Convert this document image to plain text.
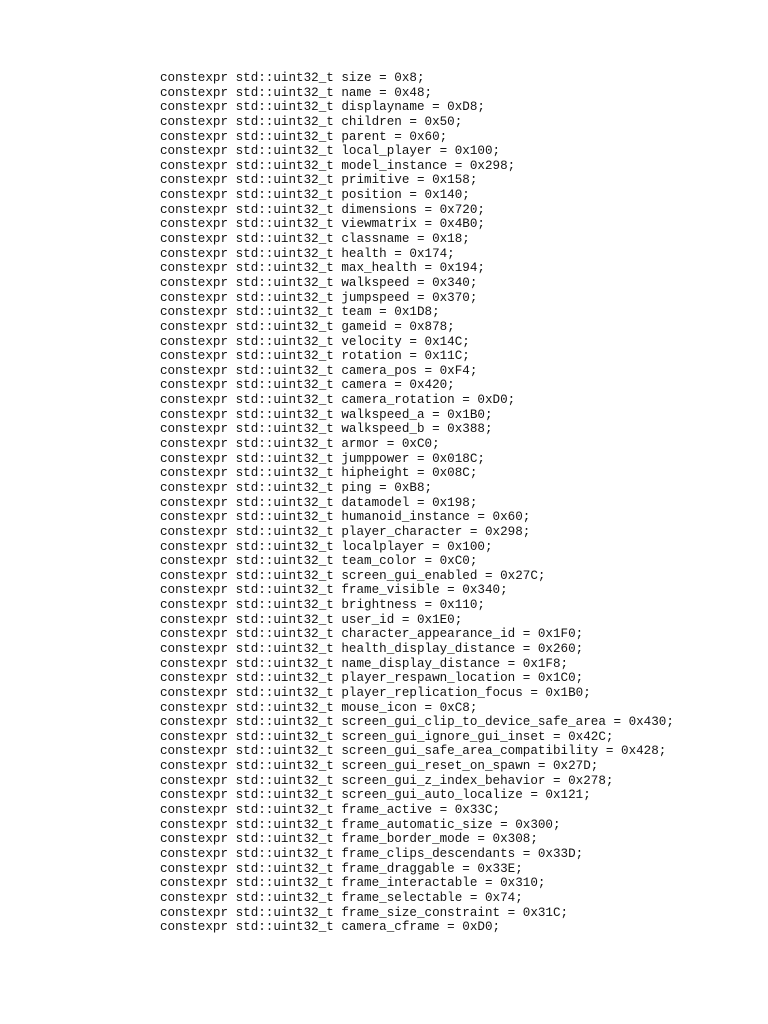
constexpr std::uint32_t size = 0x8;
constexpr std::uint32_t name = 0x48;
constexpr std::uint32_t displayname = 0xD8;
constexpr std::uint32_t children = 0x50;
constexpr std::uint32_t parent = 0x60;
constexpr std::uint32_t local_player = 0x100;
constexpr std::uint32_t model_instance = 0x298;
constexpr std::uint32_t primitive = 0x158;
constexpr std::uint32_t position = 0x140;
constexpr std::uint32_t dimensions = 0x720;
constexpr std::uint32_t viewmatrix = 0x4B0;
constexpr std::uint32_t classname = 0x18;
constexpr std::uint32_t health = 0x174;
constexpr std::uint32_t max_health = 0x194;
constexpr std::uint32_t walkspeed = 0x340;
constexpr std::uint32_t jumpspeed = 0x370;
constexpr std::uint32_t team = 0x1D8;
constexpr std::uint32_t gameid = 0x878;
constexpr std::uint32_t velocity = 0x14C;
constexpr std::uint32_t rotation = 0x11C;
constexpr std::uint32_t camera_pos = 0xF4;
constexpr std::uint32_t camera = 0x420;
constexpr std::uint32_t camera_rotation = 0xD0;
constexpr std::uint32_t walkspeed_a = 0x1B0;
constexpr std::uint32_t walkspeed_b = 0x388;
constexpr std::uint32_t armor = 0xC0;
constexpr std::uint32_t jumppower = 0x018C;
constexpr std::uint32_t hipheight = 0x08C;
constexpr std::uint32_t ping = 0xB8;
constexpr std::uint32_t datamodel = 0x198;
constexpr std::uint32_t humanoid_instance = 0x60;
constexpr std::uint32_t player_character = 0x298;
constexpr std::uint32_t localplayer = 0x100;
constexpr std::uint32_t team_color = 0xC0;
constexpr std::uint32_t screen_gui_enabled = 0x27C;
constexpr std::uint32_t frame_visible = 0x340;
constexpr std::uint32_t brightness = 0x110;
constexpr std::uint32_t user_id = 0x1E0;
constexpr std::uint32_t character_appearance_id = 0x1F0;
constexpr std::uint32_t health_display_distance = 0x260;
constexpr std::uint32_t name_display_distance = 0x1F8;
constexpr std::uint32_t player_respawn_location = 0x1C0;
constexpr std::uint32_t player_replication_focus = 0x1B0;
constexpr std::uint32_t mouse_icon = 0xC8;
constexpr std::uint32_t screen_gui_clip_to_device_safe_area = 0x430;
constexpr std::uint32_t screen_gui_ignore_gui_inset = 0x42C;
constexpr std::uint32_t screen_gui_safe_area_compatibility = 0x428;
constexpr std::uint32_t screen_gui_reset_on_spawn = 0x27D;
constexpr std::uint32_t screen_gui_z_index_behavior = 0x278;
constexpr std::uint32_t screen_gui_auto_localize = 0x121;
constexpr std::uint32_t frame_active = 0x33C;
constexpr std::uint32_t frame_automatic_size = 0x300;
constexpr std::uint32_t frame_border_mode = 0x308;
constexpr std::uint32_t frame_clips_descendants = 0x33D;
constexpr std::uint32_t frame_draggable = 0x33E;
constexpr std::uint32_t frame_interactable = 0x310;
constexpr std::uint32_t frame_selectable = 0x74;
constexpr std::uint32_t frame_size_constraint = 0x31C;
constexpr std::uint32_t camera_cframe = 0xD0;
